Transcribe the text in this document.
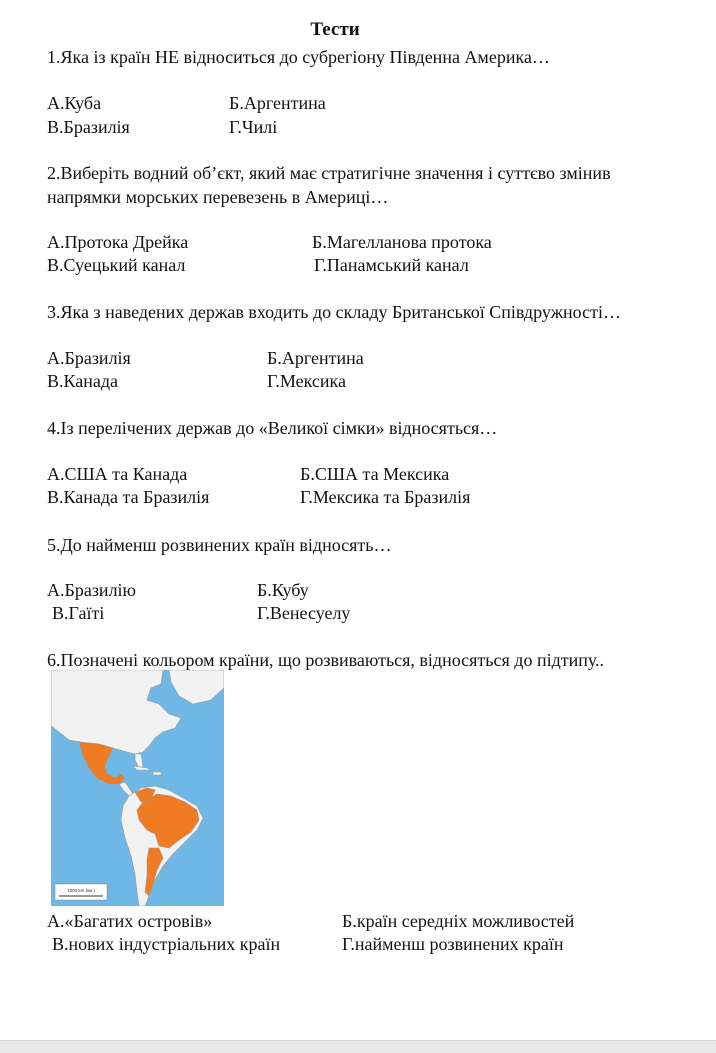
Тести
1.Яка із країн НЕ відноситься до субрегіону Південна Америка…
А.Куба	Б.Аргентина
В.Бразилія	Г.Чилі
2.Виберіть водний об’єкт, який має стратигічне значення і суттєво змінив
напрямки морських перевезень в Америці…
А.Протока Дрейка	Б.Магелланова протока
В.Суецький канал	Г.Панамський канал
3.Яка з наведених держав входить до складу Британської Співдружності…
А.Бразилія	Б.Аргентина
В.Канада	Г.Мексика
4.Із перелічених держав до «Великої сімки» відносяться…
А.США та Канада	Б.США та Мексика
В.Канада та Бразилія	Г.Мексика та Бразилія
5.До найменш розвинених країн відносять…
А.Бразилію	Б.Кубу
В.Гаїті	Г.Венесуелу
6.Позначені кольором країни, що розвиваються, відносяться до підтипу..
1000 km (км.)
А.«Багатих островів»	Б.країн середніх можливостей
В.нових індустріальних країн	Г.найменш розвинених країн
